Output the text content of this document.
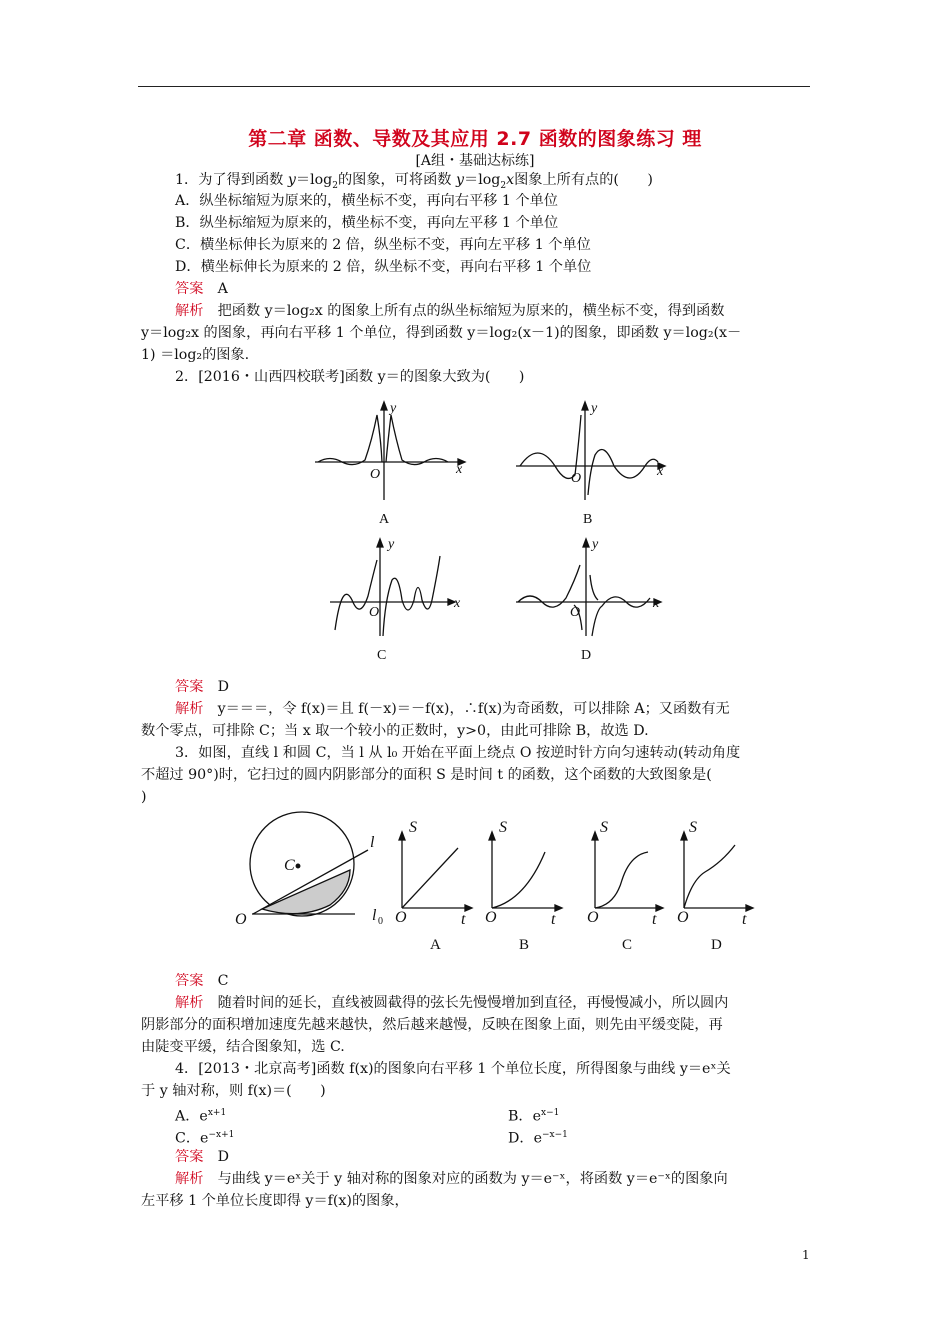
第二章 函数、导数及其应用 2.7 函数的图象练习 理
[A组・基础达标练]
1．为了得到函数 $y=\log_2$的图象，可将函数 $y=\log_2x$图象上所有点的(　　)
A．纵坐标缩短为原来的，横坐标不变，再向右平移 1 个单位
B．纵坐标缩短为原来的，横坐标不变，再向左平移 1 个单位
C．横坐标伸长为原来的 2 倍，纵坐标不变，再向左平移 1 个单位
D．横坐标伸长为原来的 2 倍，纵坐标不变，再向右平移 1 个单位
答案　 A
解析　 把函数 y＝log₂x 的图象上所有点的纵坐标缩短为原来的，横坐标不变，得到函数
y＝log₂x 的图象，再向右平移 1 个单位，得到函数 y＝log₂(x－1)的图象，即函数 y＝log₂(x－
1) ＝log₂的图象.
2．[2016・山西四校联考]函数 y＝的图象大致为(　　)
O	x
y
A
O	x
y
B
O
x
y
C
O
x
y
D
答案　 D
解析　 y＝＝＝，令 f(x)＝且 f(－x)＝－f(x)，∴f(x)为奇函数，可以排除 A；又函数有无
数个零点，可排除 C；当 x 取一个较小的正数时，y>0，由此可排除 B，故选 D.
3．如图，直线 l 和圆 C，当 l 从 l₀ 开始在平面上绕点 O 按逆时针方向匀速转动(转动角度
不超过 90°)时，它扫过的圆内阴影部分的面积 S 是时间 t 的函数，这个函数的大致图象是(
)
C
l
l
O
S
t
O
S
t
O
S
t
O
S
t
O
0
A	B	C	D
答案　 C
解析　 随着时间的延长，直线被圆截得的弦长先慢慢增加到直径，再慢慢减小，所以圆内
阴影部分的面积增加速度先越来越快，然后越来越慢，反映在图象上面，则先由平缓变陡，再
由陡变平缓，结合图象知，选 C.
4．[2013・北京高考]函数 f(x)的图象向右平移 1 个单位长度，所得图象与曲线 y＝eˣ关
于 y 轴对称，则 f(x)＝(　　)
A．$e^{x+1}$	B．$e^{x-1}$
C．$e^{-x+1}$	D．$e^{-x-1}$
答案　 D
解析　 与曲线 y＝eˣ关于 y 轴对称的图象对应的函数为 y＝e⁻ˣ，将函数 y＝e⁻ˣ的图象向
左平移 1 个单位长度即得 y＝f(x)的图象，
1
